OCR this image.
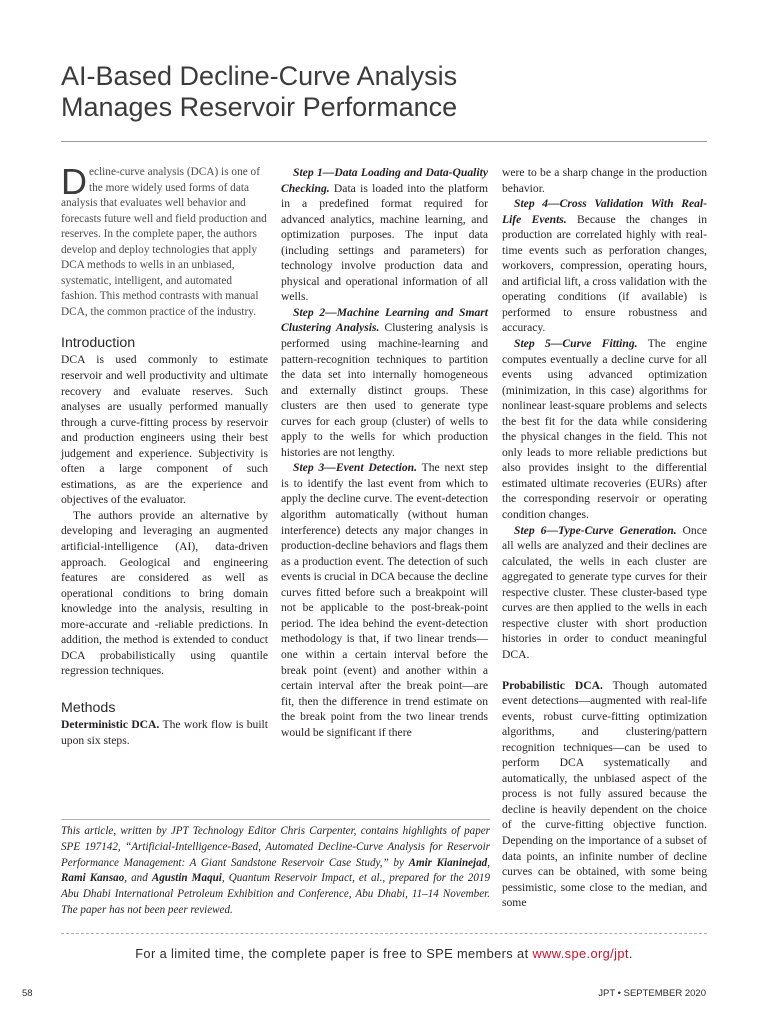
AI-Based Decline-Curve Analysis
Manages Reservoir Performance

Decline-curve analysis (DCA) is one of the more widely used forms of data analysis that evaluates well behavior and forecasts future well and field production and reserves. In the complete paper, the authors develop and deploy technologies that apply DCA methods to wells in an unbiased, systematic, intelligent, and automated fashion. This method contrasts with manual DCA, the common practice of the industry.

Introduction

DCA is used commonly to estimate reservoir and well productivity and ultimate recovery and evaluate reserves. Such analyses are usually performed manually through a curve-fitting process by reservoir and production engineers using their best judgement and experience. Subjectivity is often a large component of such estimations, as are the experience and objectives of the evaluator.

The authors provide an alternative by developing and leveraging an augmented artificial-intelligence (AI), data-driven approach. Geological and engineering features are considered as well as operational conditions to bring domain knowledge into the analysis, resulting in more-accurate and -reliable predictions. In addition, the method is extended to conduct DCA probabilistically using quantile regression techniques.

Methods

Deterministic DCA. The work flow is built upon six steps.

Step 1—Data Loading and Data-Quality Checking. Data is loaded into the platform in a predefined format required for advanced analytics, machine learning, and optimization purposes. The input data (including settings and parameters) for technology involve production data and physical and operational information of all wells.

Step 2—Machine Learning and Smart Clustering Analysis. Clustering analysis is performed using machine-learning and pattern-recognition techniques to partition the data set into internally homogeneous and externally distinct groups. These clusters are then used to generate type curves for each group (cluster) of wells to apply to the wells for which production histories are not lengthy.

Step 3—Event Detection. The next step is to identify the last event from which to apply the decline curve. The event-detection algorithm automatically (without human interference) detects any major changes in production-decline behaviors and flags them as a production event. The detection of such events is crucial in DCA because the decline curves fitted before such a breakpoint will not be applicable to the post-break-point period. The idea behind the event-detection methodology is that, if two linear trends—one within a certain interval before the break point (event) and another within a certain interval after the break point—are fit, then the difference in trend estimate on the break point from the two linear trends would be significant if there

were to be a sharp change in the production behavior.

Step 4—Cross Validation With Real-Life Events. Because the changes in production are correlated highly with real-time events such as perforation changes, workovers, compression, operating hours, and artificial lift, a cross validation with the operating conditions (if available) is performed to ensure robustness and accuracy.

Step 5—Curve Fitting. The engine computes eventually a decline curve for all events using advanced optimization (minimization, in this case) algorithms for nonlinear least-square problems and selects the best fit for the data while considering the physical changes in the field. This not only leads to more reliable predictions but also provides insight to the differential estimated ultimate recoveries (EURs) after the corresponding reservoir or operating condition changes.

Step 6—Type-Curve Generation. Once all wells are analyzed and their declines are calculated, the wells in each cluster are aggregated to generate type curves for their respective cluster. These cluster-based type curves are then applied to the wells in each respective cluster with short production histories in order to conduct meaningful DCA.

Probabilistic DCA. Though automated event detections—augmented with real-life events, robust curve-fitting optimization algorithms, and clustering/pattern recognition techniques—can be used to perform DCA systematically and automatically, the unbiased aspect of the process is not fully assured because the decline is heavily dependent on the choice of the curve-fitting objective function. Depending on the importance of a subset of data points, an infinite number of decline curves can be obtained, with some being pessimistic, some close to the median, and some

This article, written by JPT Technology Editor Chris Carpenter, contains highlights of paper SPE 197142, “Artificial-Intelligence-Based, Automated Decline-Curve Analysis for Reservoir Performance Management: A Giant Sandstone Reservoir Case Study,” by Amir Kianinejad, Rami Kansao, and Agustin Maqui, Quantum Reservoir Impact, et al., prepared for the 2019 Abu Dhabi International Petroleum Exhibition and Conference, Abu Dhabi, 11–14 November. The paper has not been peer reviewed.
For a limited time, the complete paper is free to SPE members at www.spe.org/jpt.
58	JPT • SEPTEMBER 2020
